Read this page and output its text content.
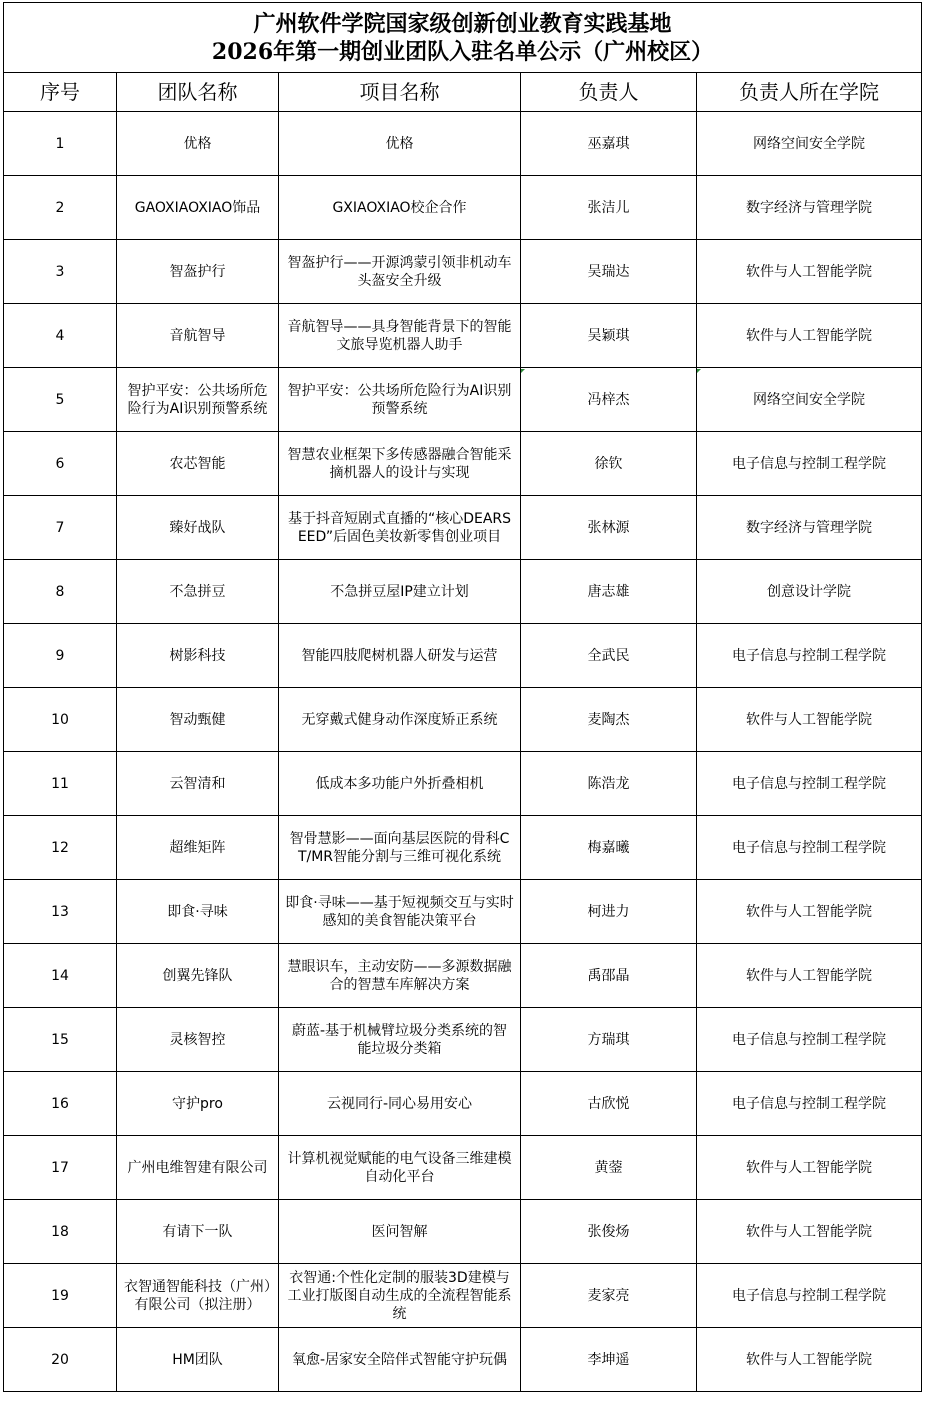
广州软件学院国家级创新创业教育实践基地
2026年第一期创业团队入驻名单公示（广州校区）				

序号	团队名称	项目名称	负责人	负责人所在学院
1	优格	优格	巫嘉琪	网络空间安全学院
2	GAOXIAOXIAO饰品	GXIAOXIAO校企合作	张洁儿	数字经济与管理学院
3	智盔护行	智盔护行——开源鸿蒙引领非机动车头盔安全升级	吴瑞达	软件与人工智能学院
4	音航智导	音航智导——具身智能背景下的智能文旅导览机器人助手	吴颖琪	软件与人工智能学院
5	智护平安：公共场所危险行为AI识别预警系统	智护平安：公共场所危险行为AI识别预警系统	冯梓杰	网络空间安全学院
6	农芯智能	智慧农业框架下多传感器融合智能采摘机器人的设计与实现	徐钦	电子信息与控制工程学院
7	臻好战队	基于抖音短剧式直播的“核心DEARSEED”后固色美妆新零售创业项目	张林源	数字经济与管理学院
8	不急拼豆	不急拼豆屋IP建立计划	唐志雄	创意设计学院
9	树影科技	智能四肢爬树机器人研发与运营	全武民	电子信息与控制工程学院
10	智动甄健	无穿戴式健身动作深度矫正系统	麦陶杰	软件与人工智能学院
11	云智清和	低成本多功能户外折叠相机	陈浩龙	电子信息与控制工程学院
12	超维矩阵	智骨慧影——面向基层医院的骨科CT/MR智能分割与三维可视化系统	梅嘉曦	电子信息与控制工程学院
13	即食·寻味	即食·寻味——基于短视频交互与实时感知的美食智能决策平台	柯进力	软件与人工智能学院
14	创翼先锋队	慧眼识车，主动安防——多源数据融合的智慧车库解决方案	禹邵晶	软件与人工智能学院
15	灵核智控	蔚蓝-基于机械臂垃圾分类系统的智能垃圾分类箱	方瑞琪	电子信息与控制工程学院
16	守护pro	云视同行-同心易用安心	古欣悦	电子信息与控制工程学院
17	广州电维智建有限公司	计算机视觉赋能的电气设备三维建模自动化平台	黄蓥	软件与人工智能学院
18	有请下一队	医问智解	张俊炀	软件与人工智能学院
19	衣智通智能科技（广州）有限公司（拟注册）	衣智通:个性化定制的服装3D建模与工业打版图自动生成的全流程智能系统	麦家亮	电子信息与控制工程学院
20	HM团队	氧愈-居家安全陪伴式智能守护玩偶	李坤遥	软件与人工智能学院
